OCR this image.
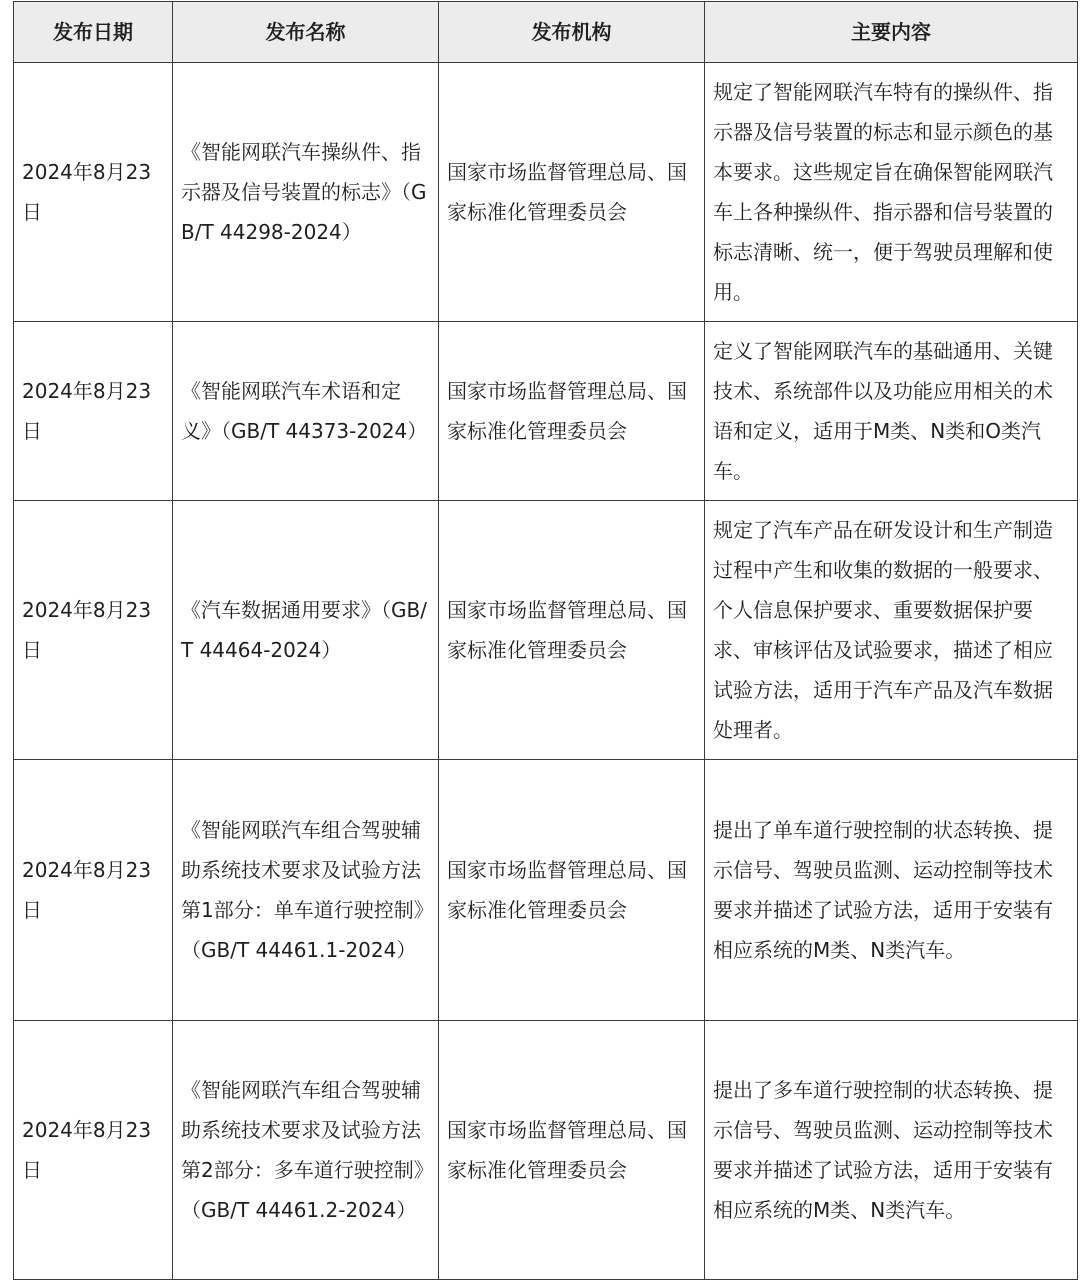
发布日期	发布名称	发布机构	主要内容
2024年8月23日	《智能网联汽车操纵件、指示器及信号装置的标志》（GB/T 44298-2024）	国家市场监督管理总局、国家标准化管理委员会	规定了智能网联汽车特有的操纵件、指示器及信号装置的标志和显示颜色的基本要求。这些规定旨在确保智能网联汽车上各种操纵件、指示器和信号装置的标志清晰、统一，便于驾驶员理解和使用。
2024年8月23日	《智能网联汽车术语和定义》（GB/T 44373-2024）	国家市场监督管理总局、国家标准化管理委员会	定义了智能网联汽车的基础通用、关键技术、系统部件以及功能应用相关的术语和定义，适用于M类、N类和O类汽车。
2024年8月23日	《汽车数据通用要求》（GB/T 44464-2024）	国家市场监督管理总局、国家标准化管理委员会	规定了汽车产品在研发设计和生产制造过程中产生和收集的数据的一般要求、个人信息保护要求、重要数据保护要求、审核评估及试验要求，描述了相应试验方法，适用于汽车产品及汽车数据处理者。
2024年8月23日	《智能网联汽车组合驾驶辅助系统技术要求及试验方法第1部分：单车道行驶控制》（GB/T 44461.1-2024）	国家市场监督管理总局、国家标准化管理委员会	提出了单车道行驶控制的状态转换、提示信号、驾驶员监测、运动控制等技术要求并描述了试验方法，适用于安装有相应系统的M类、N类汽车。
2024年8月23日	《智能网联汽车组合驾驶辅助系统技术要求及试验方法第2部分：多车道行驶控制》（GB/T 44461.2-2024）	国家市场监督管理总局、国家标准化管理委员会	提出了多车道行驶控制的状态转换、提示信号、驾驶员监测、运动控制等技术要求并描述了试验方法，适用于安装有相应系统的M类、N类汽车。
